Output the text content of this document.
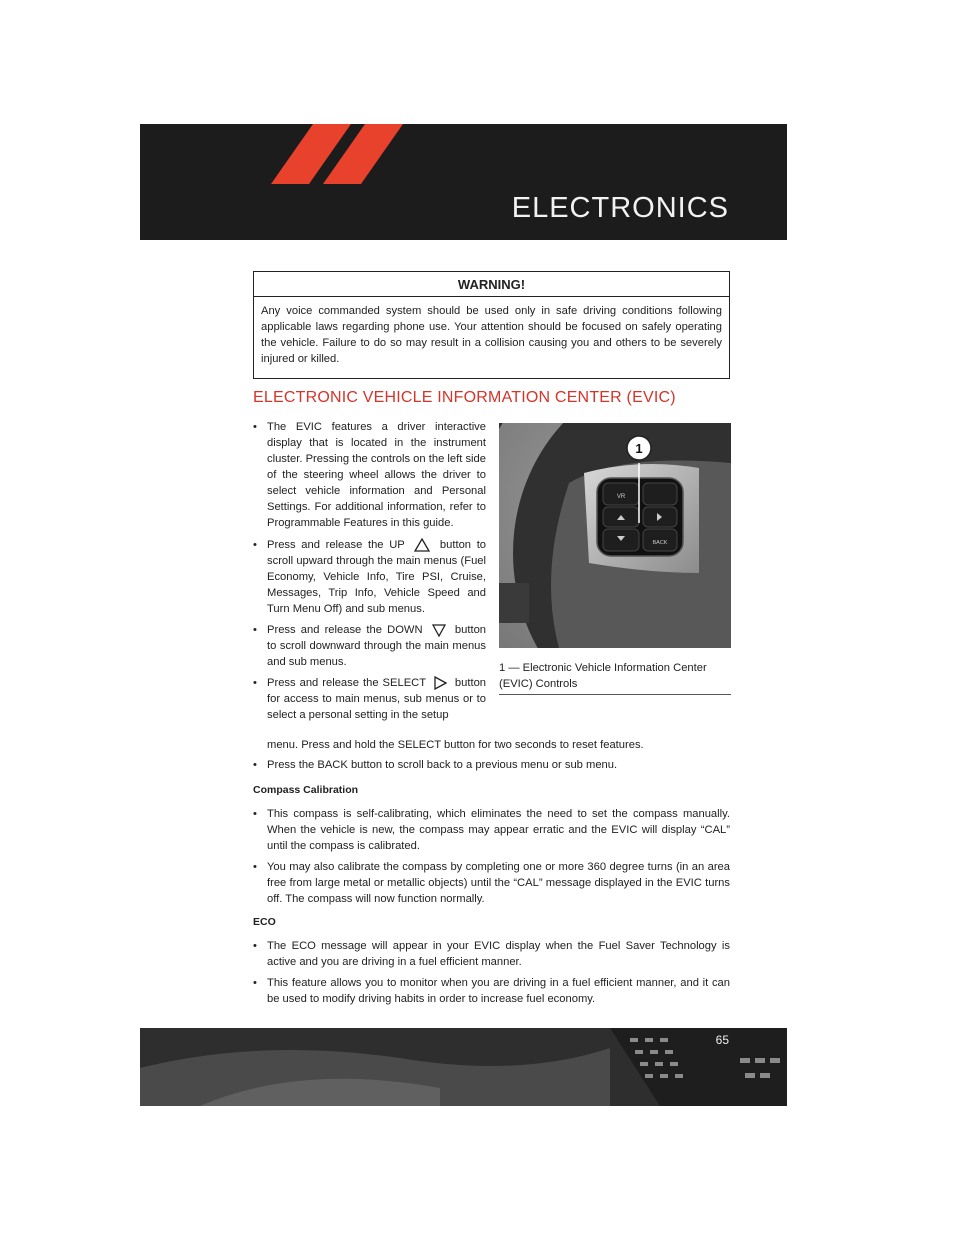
ELECTRONICS
WARNING!
Any voice commanded system should be used only in safe driving conditions following applicable laws regarding phone use. Your attention should be focused on safely operating the vehicle. Failure to do so may result in a collision causing you and others to be severely injured or killed.
ELECTRONIC VEHICLE INFORMATION CENTER (EVIC)
• The EVIC features a driver interactive display that is located in the instrument cluster. Pressing the controls on the left side of the steering wheel allows the driver to select vehicle information and Personal Settings. For additional information, refer to Programmable Features in this guide.
• Press and release the UP	button to scroll upward through the main menus (Fuel Economy, Vehicle Info, Tire PSI, Cruise, Messages, Trip Info, Vehicle Speed and Turn Menu Off) and sub menus.
• Press and release the DOWN	button to scroll downward through the main menus and sub menus.
• Press and release the SELECT	button for access to main menus, sub menus or to select a personal setting in the setup
menu. Press and hold the SELECT button for two seconds to reset features.
• Press the BACK button to scroll back to a previous menu or sub menu.
VR
BACK
1
1 — Electronic Vehicle Information Center (EVIC) Controls
Compass Calibration
• This compass is self-calibrating, which eliminates the need to set the compass manually. When the vehicle is new, the compass may appear erratic and the EVIC will display “CAL” until the compass is calibrated.
• You may also calibrate the compass by completing one or more 360 degree turns (in an area free from large metal or metallic objects) until the “CAL” message displayed in the EVIC turns off. The compass will now function normally.
ECO
• The ECO message will appear in your EVIC display when the Fuel Saver Technology is active and you are driving in a fuel efficient manner.
• This feature allows you to monitor when you are driving in a fuel efficient manner, and it can be used to modify driving habits in order to increase fuel economy.
65
